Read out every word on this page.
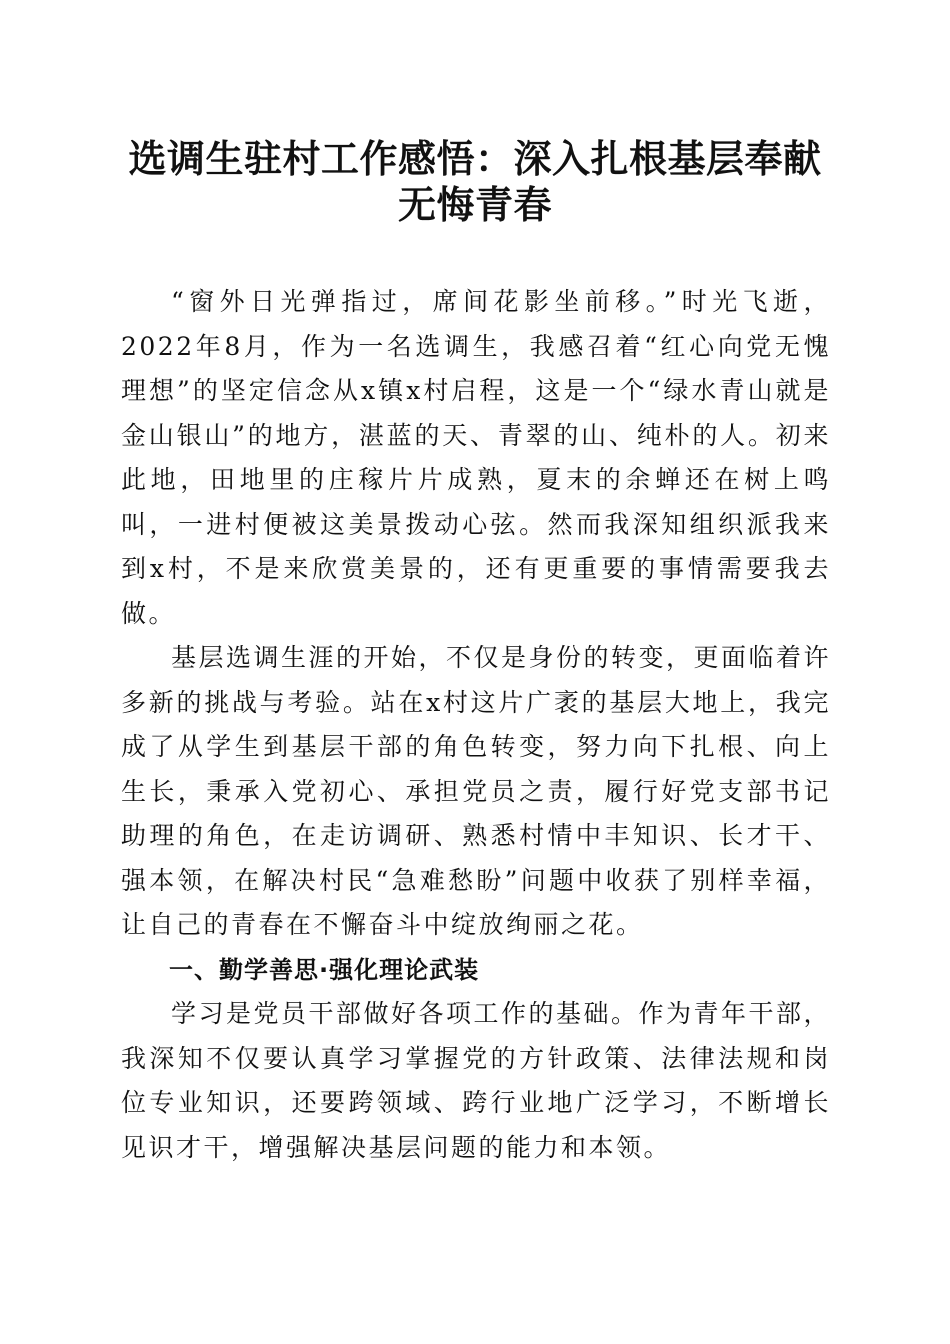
选调生驻村工作感悟：深入扎根基层奉献无悔青春

“窗外日光弹指过，席间花影坐前移。”时光飞逝，2022年8月，作为一名选调生，我感召着“红心向党无愧理想”的坚定信念从x镇x村启程，这是一个“绿水青山就是金山银山”的地方，湛蓝的天、青翠的山、纯朴的人。初来此地，田地里的庄稼片片成熟，夏末的余蝉还在树上鸣叫，一进村便被这美景拨动心弦。然而我深知组织派我来到x村，不是来欣赏美景的，还有更重要的事情需要我去做。

基层选调生涯的开始，不仅是身份的转变，更面临着许多新的挑战与考验。站在x村这片广袤的基层大地上，我完成了从学生到基层干部的角色转变，努力向下扎根、向上生长，秉承入党初心、承担党员之责，履行好党支部书记助理的角色，在走访调研、熟悉村情中丰知识、长才干、强本领，在解决村民“急难愁盼”问题中收获了别样幸福，让自己的青春在不懈奋斗中绽放绚丽之花。

一、勤学善思·强化理论武装

学习是党员干部做好各项工作的基础。作为青年干部，我深知不仅要认真学习掌握党的方针政策、法律法规和岗位专业知识，还要跨领域、跨行业地广泛学习，不断增长见识才干，增强解决基层问题的能力和本领。
